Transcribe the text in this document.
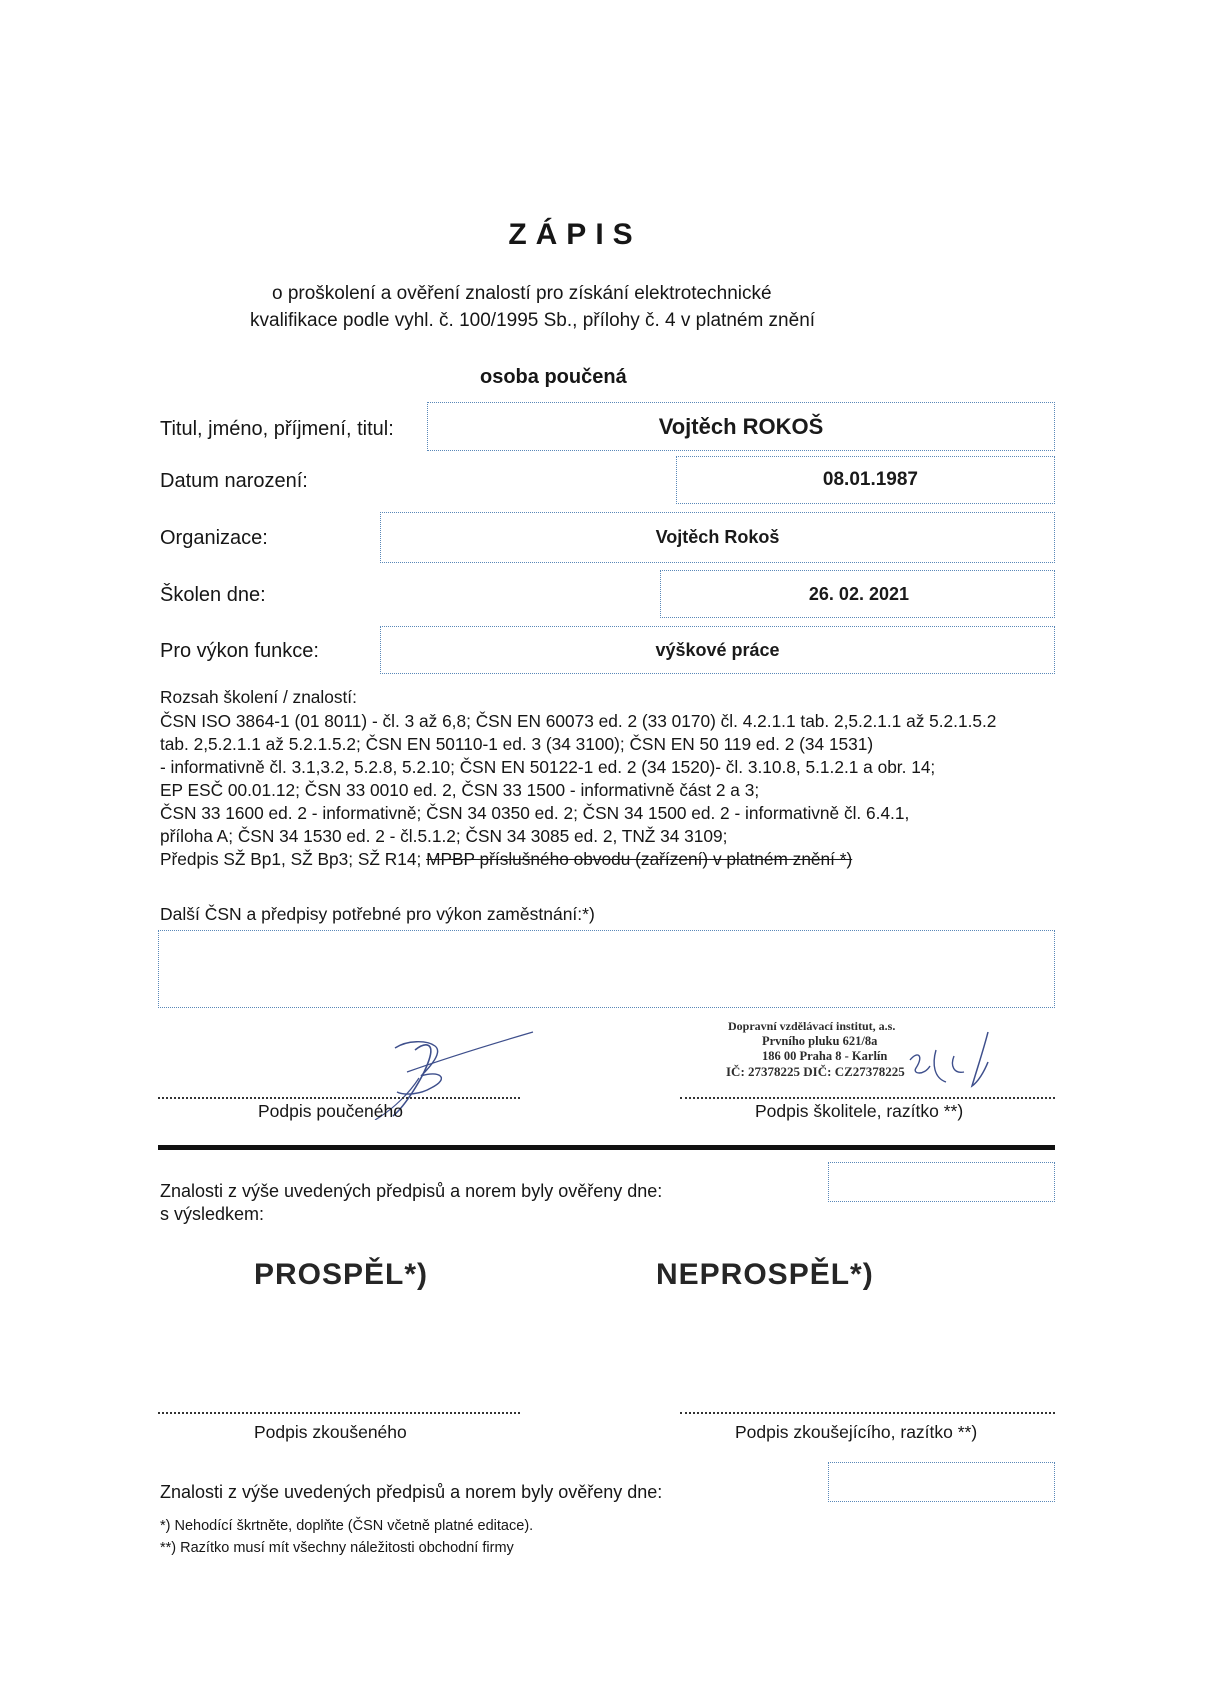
ZÁPIS
o proškolení a ověření znalostí pro získání elektrotechnické
kvalifikace podle vyhl. č. 100/1995 Sb., přílohy č. 4 v platném znění
osoba poučená
Titul, jméno, příjmení, titul:	Vojtěch ROKOŠ
Datum narození:	08.01.1987
Organizace:	Vojtěch Rokoš
Školen dne:	26. 02. 2021
Pro výkon funkce:	výškové práce
Rozsah školení / znalostí:
ČSN ISO 3864-1 (01 8011) - čl. 3 až 6,8; ČSN EN 60073 ed. 2 (33 0170) čl. 4.2.1.1 tab. 2,5.2.1.1 až 5.2.1.5.2
tab. 2,5.2.1.1 až 5.2.1.5.2; ČSN EN 50110-1 ed. 3 (34 3100); ČSN EN 50 119 ed. 2 (34 1531)
- informativně čl. 3.1,3.2, 5.2.8, 5.2.10; ČSN EN 50122-1 ed. 2 (34 1520)- čl. 3.10.8, 5.1.2.1 a obr. 14;
EP ESČ 00.01.12; ČSN 33 0010 ed. 2, ČSN 33 1500 - informativně část 2 a 3;
ČSN 33 1600 ed. 2 - informativně; ČSN 34 0350 ed. 2; ČSN 34 1500 ed. 2 - informativně čl. 6.4.1,
příloha A; ČSN 34 1530 ed. 2 - čl.5.1.2; ČSN 34 3085 ed. 2, TNŽ 34 3109;
Předpis SŽ Bp1, SŽ Bp3; SŽ R14; MPBP příslušného obvodu (zařízení) v platném znění *)
Další ČSN a předpisy potřebné pro výkon zaměstnání:*)
Podpis poučeného
Dopravní vzdělávací institut, a.s.
Prvního pluku 621/8a
186 00 Praha 8 - Karlín
IČ: 27378225 DIČ: CZ27378225
Podpis školitele, razítko **)
Znalosti z výše uvedených předpisů a norem byly ověřeny dne:
s výsledkem:
PROSPĚL*)	NEPROSPĚL*)
Podpis zkoušeného	Podpis zkoušejícího, razítko **)
Znalosti z výše uvedených předpisů a norem byly ověřeny dne:
*) Nehodící škrtněte, doplňte (ČSN včetně platné editace).
**) Razítko musí mít všechny náležitosti obchodní firmy
